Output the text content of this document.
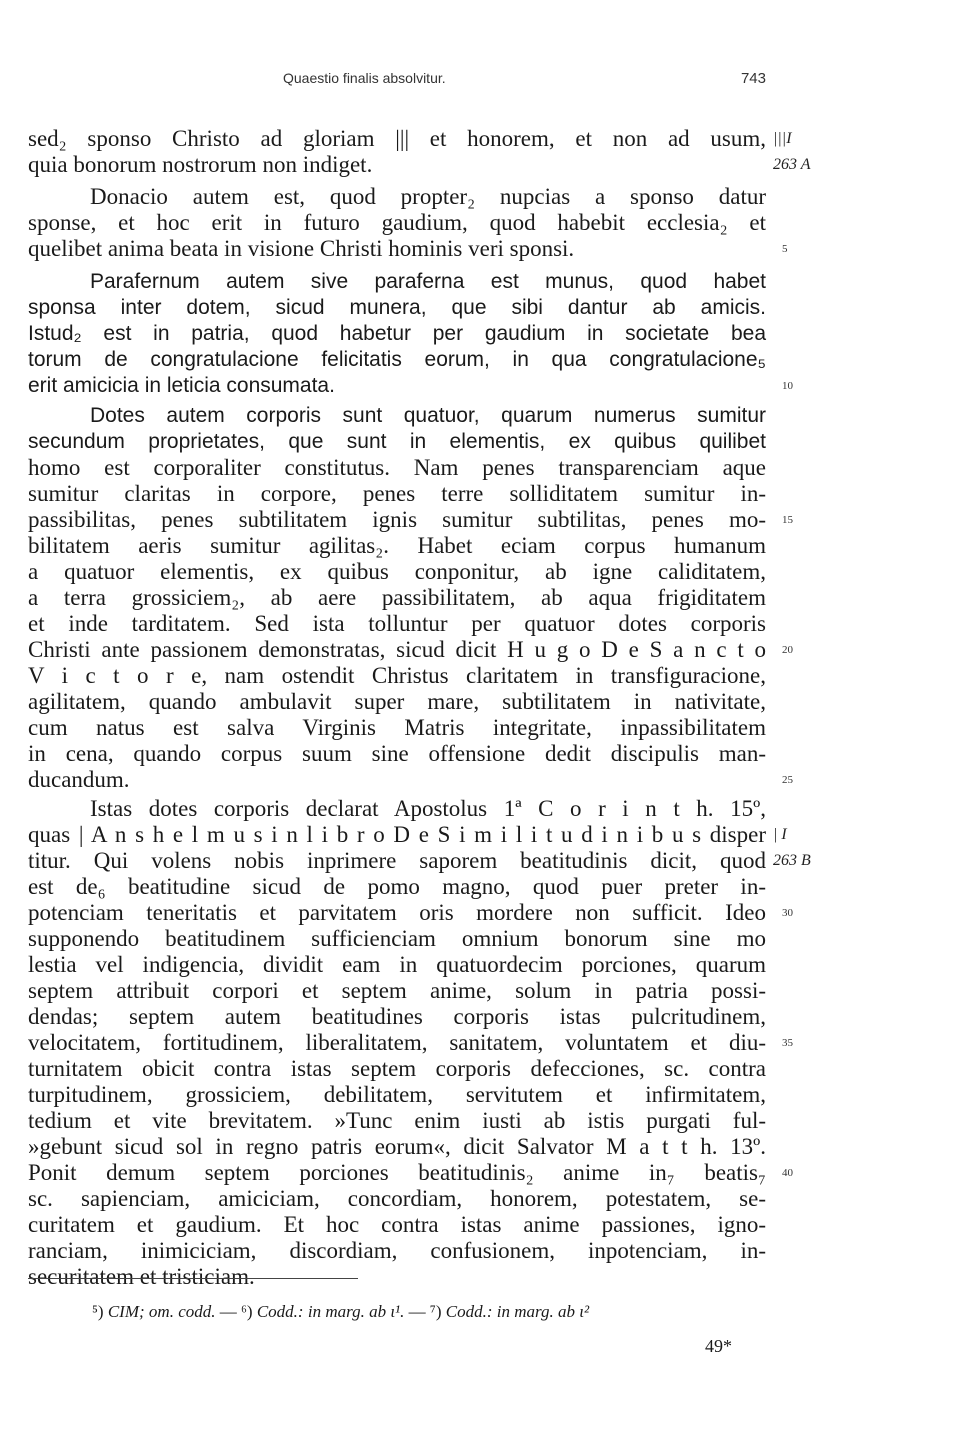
Quaestio finalis absolvitur.	743
sed₂ sponso Christo ad gloriam ||| et honorem, et non ad usum,
quia bonorum nostrorum non indiget.
Donacio autem est, quod propter₂ nupcias a sponso datur
sponse, et hoc erit in futuro gaudium, quod habebit ecclesia₂ et
quelibet anima beata in visione Christi hominis veri sponsi.
Parafernum autem sive paraferna est munus, quod habet
sponsa inter dotem, sicud munera, que sibi dantur ab amicis.
Istud₂ est in patria, quod habetur per gaudium in societate bea
torum de congratulacione felicitatis eorum, in qua congratulacione₅
erit amicicia in leticia consumata.
Dotes autem corporis sunt quatuor, quarum numerus sumitur
secundum proprietates, que sunt in elementis, ex quibus quilibet
homo est corporaliter constitutus. Nam penes transparenciam aque
sumitur claritas in corpore, penes terre solliditatem sumitur in-
passibilitas, penes subtilitatem ignis sumitur subtilitas, penes mo-
bilitatem aeris sumitur agilitas₂. Habet eciam corpus humanum
a quatuor elementis, ex quibus conponitur, ab igne caliditatem,
a terra grossiciem₂, ab aere passibilitatem, ab aqua frigiditatem
et inde tarditatem. Sed ista tolluntur per quatuor dotes corporis
Christi ante passionem demonstratas, sicud dicit H u g o D e S a n c t o
V i c t o r e, nam ostendit Christus claritatem in transfiguracione,
agilitatem, quando ambulavit super mare, subtilitatem in nativitate,
cum natus est salva Virginis Matris integritate, inpassibilitatem
in cena, quando corpus suum sine offensione dedit discipulis man-
ducandum.
Istas dotes corporis declarat Apostolus 1ª C o r i n t h. 15º,
quas | A n s h e l m u s i n l i b r o D e S i m i l i t u d i n i b u s disper
titur. Qui volens nobis inprimere saporem beatitudinis dicit, quod
est de₆ beatitudine sicud de pomo magno, quod puer preter in-
potenciam teneritatis et parvitatem oris mordere non sufficit. Ideo
supponendo beatitudinem sufficienciam omnium bonorum sine mo
lestia vel indigencia, dividit eam in quatuordecim porciones, quarum
septem attribuit corpori et septem anime, solum in patria possi-
dendas; septem autem beatitudines corporis istas pulcritudinem,
velocitatem, fortitudinem, liberalitatem, sanitatem, voluntatem et diu-
turnitatem obicit contra istas septem corporis defecciones, sc. contra
turpitudinem, grossiciem, debilitatem, servitutem et infirmitatem,
tedium et vite brevitatem. »Tunc enim iusti ab istis purgati ful-
»gebunt sicud sol in regno patris eorum«, dicit Salvator M a t t h. 13º.
Ponit demum septem porciones beatitudinis₂ anime in₇ beatis₇
sc. sapienciam, amiciciam, concordiam, honorem, potestatem, se-
curitatem et gaudium. Et hoc contra istas anime passiones, igno-
ranciam, inimiciciam, discordiam, confusionem, inpotenciam, in-
securitatem et tristiciam.
5
10
15
20
25
30
35
40
|||I
263 A
| I
263 B
⁵) CIM; om. codd. — ⁶) Codd.: in marg. ab ι¹. — ⁷) Codd.: in marg. ab ι²
49*
